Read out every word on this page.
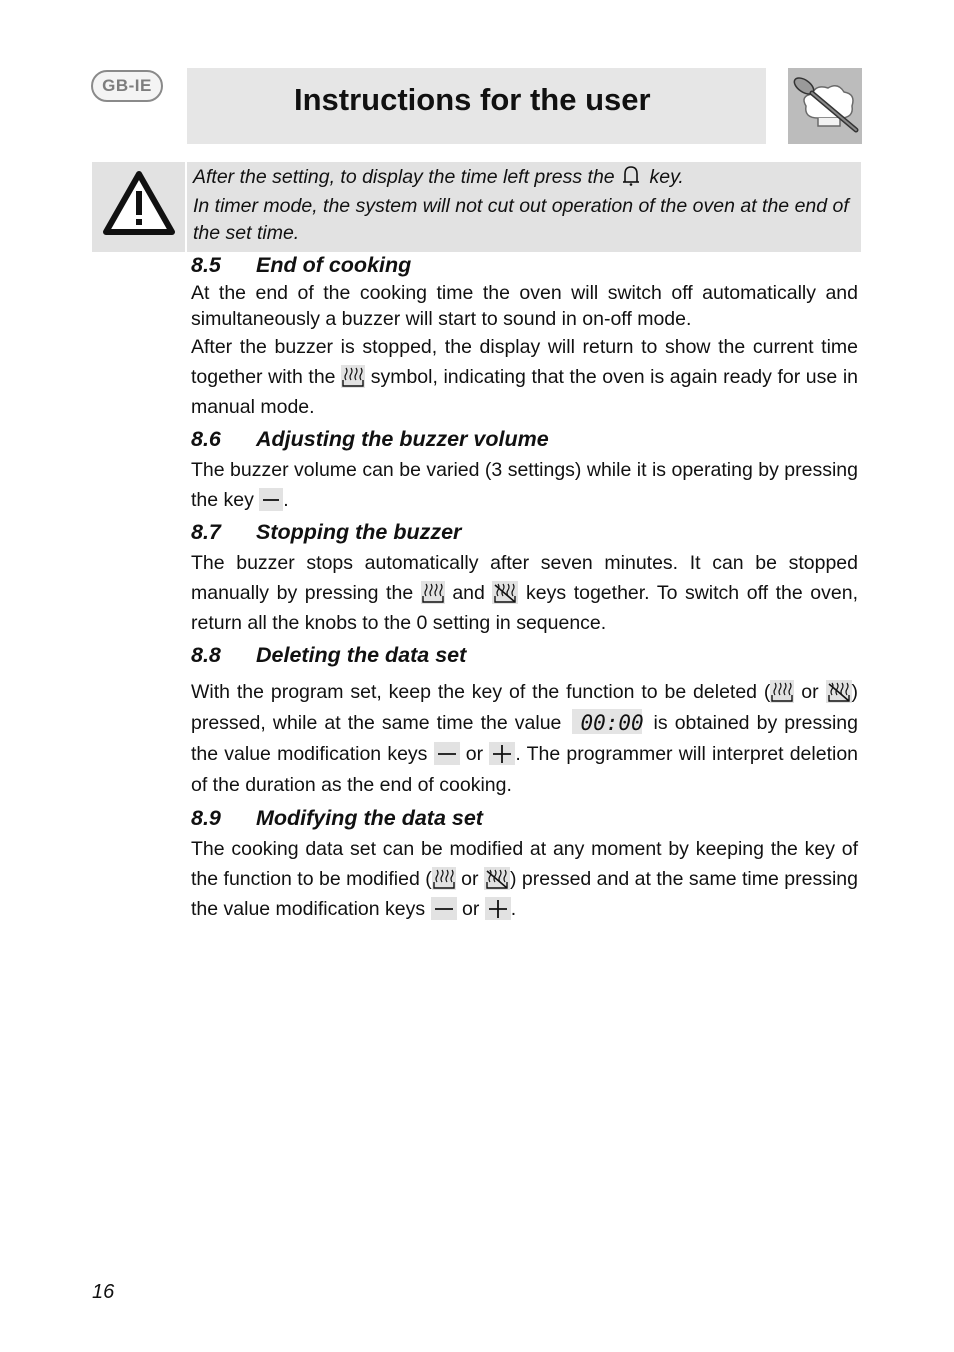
GB-IE	Instructions for the user

After the setting, to display the time left press the key.

In timer mode, the system will not cut out operation of the oven at the end of the set time.

8.5 End of cooking

At the end of the cooking time the oven will switch off automatically and simultaneously a buzzer will start to sound in on-off mode.

After the buzzer is stopped, the display will return to show the current time together with the symbol, indicating that the oven is again ready for use in manual mode.

8.6 Adjusting the buzzer volume

The buzzer volume can be varied (3 settings) while it is operating by pressing the key .

8.7 Stopping the buzzer

The buzzer stops automatically after seven minutes. It can be stopped manually by pressing the and keys together. To switch off the oven, return all the knobs to the 0 setting in sequence.

8.8 Deleting the data set

With the program set, keep the key of the function to be deleted ( or ) pressed, while at the same time the value 00:00 is obtained by pressing the value modification keys or . The programmer will interpret deletion of the duration as the end of cooking.

8.9 Modifying the data set

The cooking data set can be modified at any moment by keeping the key of the function to be modified ( or ) pressed and at the same time pressing the value modification keys or .

16
